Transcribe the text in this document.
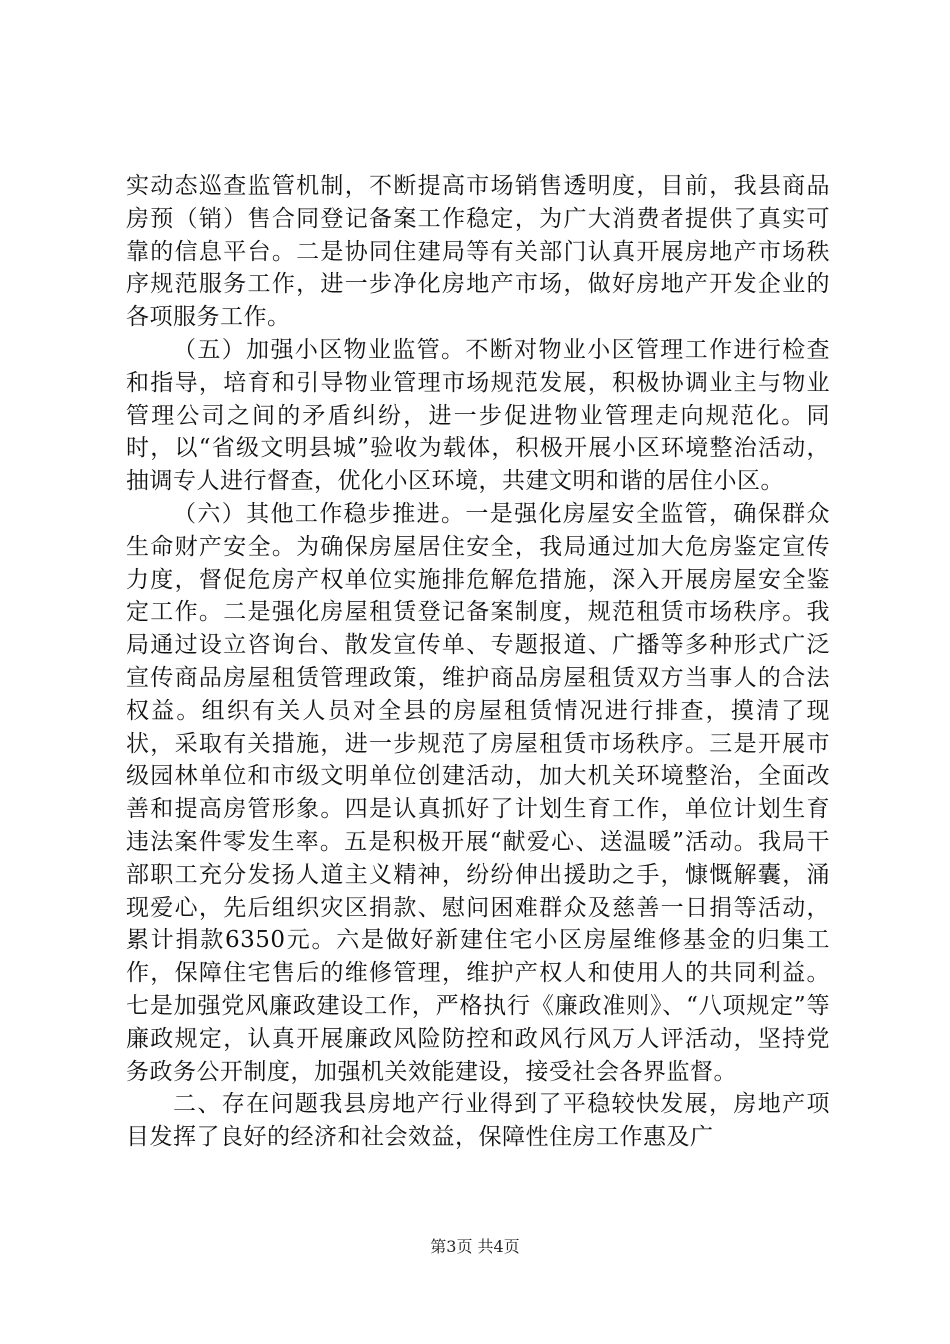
实动态巡查监管机制，不断提高市场销售透明度，目前，我县商品房预（销）售合同登记备案工作稳定，为广大消费者提供了真实可靠的信息平台。二是协同住建局等有关部门认真开展房地产市场秩序规范服务工作，进一步净化房地产市场，做好房地产开发企业的各项服务工作。

（五）加强小区物业监管。不断对物业小区管理工作进行检查和指导，培育和引导物业管理市场规范发展，积极协调业主与物业管理公司之间的矛盾纠纷，进一步促进物业管理走向规范化。同时，以“省级文明县城”验收为载体，积极开展小区环境整治活动，抽调专人进行督查，优化小区环境，共建文明和谐的居住小区。

（六）其他工作稳步推进。一是强化房屋安全监管，确保群众生命财产安全。为确保房屋居住安全，我局通过加大危房鉴定宣传力度，督促危房产权单位实施排危解危措施，深入开展房屋安全鉴定工作。二是强化房屋租赁登记备案制度，规范租赁市场秩序。我局通过设立咨询台、散发宣传单、专题报道、广播等多种形式广泛宣传商品房屋租赁管理政策，维护商品房屋租赁双方当事人的合法权益。组织有关人员对全县的房屋租赁情况进行排查，摸清了现状，采取有关措施，进一步规范了房屋租赁市场秩序。三是开展市级园林单位和市级文明单位创建活动，加大机关环境整治，全面改善和提高房管形象。四是认真抓好了计划生育工作，单位计划生育违法案件零发生率。五是积极开展“献爱心、送温暖”活动。我局干部职工充分发扬人道主义精神，纷纷伸出援助之手，慷慨解囊，涌现爱心，先后组织灾区捐款、慰问困难群众及慈善一日捐等活动，累计捐款6350元。六是做好新建住宅小区房屋维修基金的归集工作，保障住宅售后的维修管理，维护产权人和使用人的共同利益。七是加强党风廉政建设工作，严格执行《廉政准则》、“八项规定”等廉政规定，认真开展廉政风险防控和政风行风万人评活动，坚持党务政务公开制度，加强机关效能建设，接受社会各界监督。

二、存在问题我县房地产行业得到了平稳较快发展，房地产项目发挥了良好的经济和社会效益，保障性住房工作惠及广

第3页 共4页
